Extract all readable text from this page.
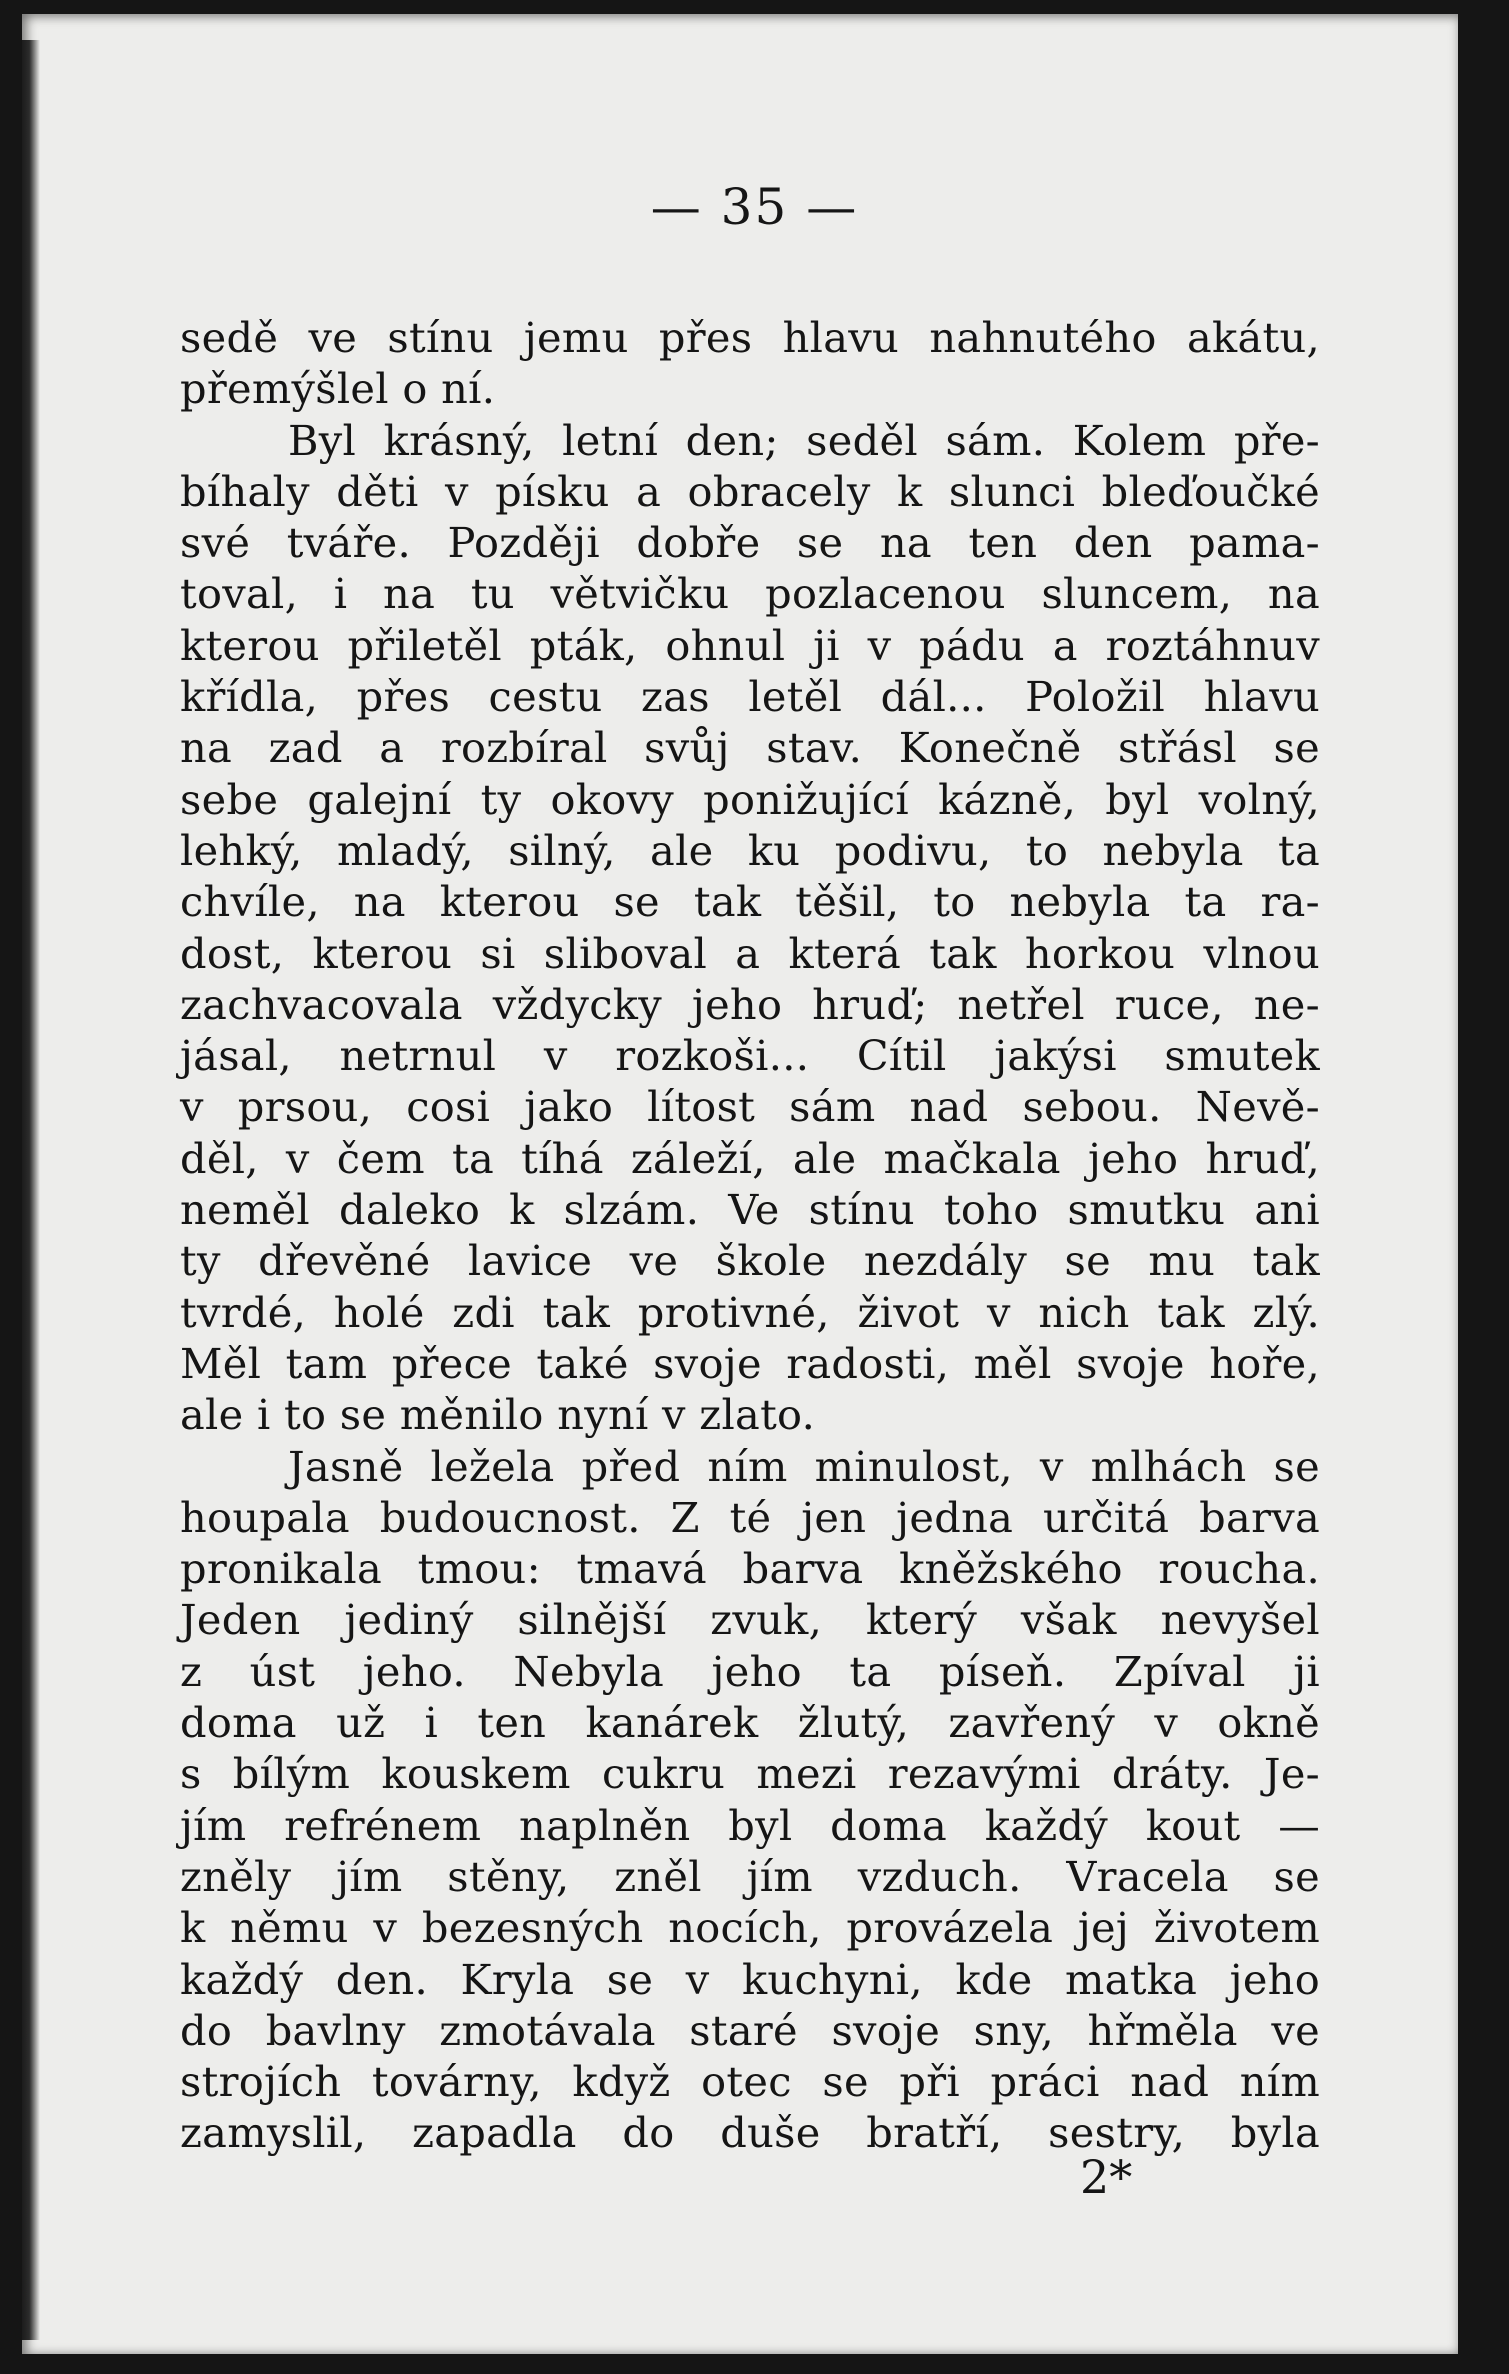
— 35 —
sedě ve stínu jemu přes hlavu nahnutého akátu,
přemýšlel o ní.
Byl krásný, letní den; seděl sám. Kolem pře-
bíhaly děti v písku a obracely k slunci bleďoučké
své tváře. Později dobře se na ten den pama-
toval, i na tu větvičku pozlacenou sluncem, na
kterou přiletěl pták, ohnul ji v pádu a roztáhnuv
křídla, přes cestu zas letěl dál... Položil hlavu
na zad a rozbíral svůj stav. Konečně střásl se
sebe galejní ty okovy ponižující kázně, byl volný,
lehký, mladý, silný, ale ku podivu, to nebyla ta
chvíle, na kterou se tak těšil, to nebyla ta ra-
dost, kterou si sliboval a která tak horkou vlnou
zachvacovala vždycky jeho hruď; netřel ruce, ne-
jásal, netrnul v rozkoši... Cítil jakýsi smutek
v prsou, cosi jako lítost sám nad sebou. Nevě-
děl, v čem ta tíhá záleží, ale mačkala jeho hruď,
neměl daleko k slzám. Ve stínu toho smutku ani
ty dřevěné lavice ve škole nezdály se mu tak
tvrdé, holé zdi tak protivné, život v nich tak zlý.
Měl tam přece také svoje radosti, měl svoje hoře,
ale i to se měnilo nyní v zlato.
Jasně ležela před ním minulost, v mlhách se
houpala budoucnost. Z té jen jedna určitá barva
pronikala tmou: tmavá barva kněžského roucha.
Jeden jediný silnější zvuk, který však nevyšel
z úst jeho. Nebyla jeho ta píseň. Zpíval ji
doma už i ten kanárek žlutý, zavřený v okně
s bílým kouskem cukru mezi rezavými dráty. Je-
jím refrénem naplněn byl doma každý kout —
zněly jím stěny, zněl jím vzduch. Vracela se
k němu v bezesných nocích, provázela jej životem
každý den. Kryla se v kuchyni, kde matka jeho
do bavlny zmotávala staré svoje sny, hřměla ve
strojích továrny, když otec se při práci nad ním
zamyslil, zapadla do duše bratří, sestry, byla
2*
